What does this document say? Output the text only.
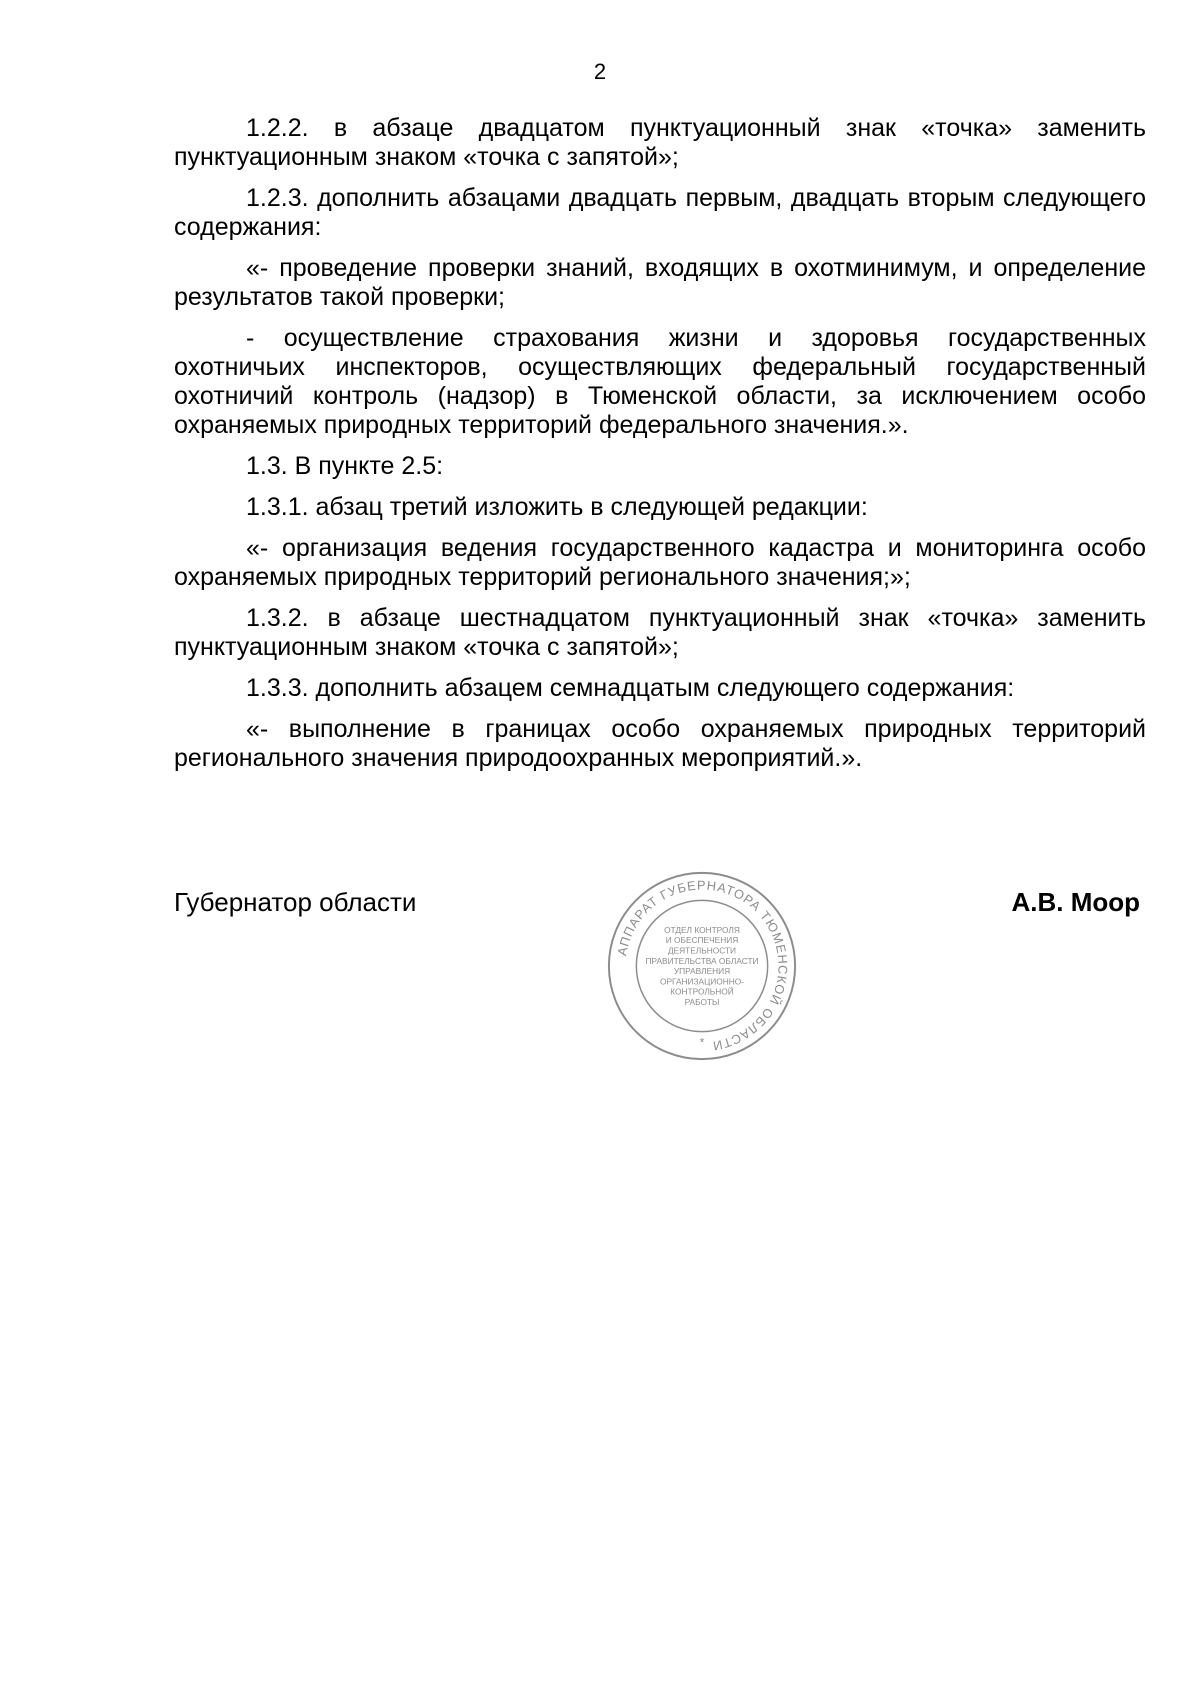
2

1.2.2. в абзаце двадцатом пунктуационный знак «точка» заменить пунктуационным знаком «точка с запятой»;

1.2.3. дополнить абзацами двадцать первым, двадцать вторым следующего содержания:

«- проведение проверки знаний, входящих в охотминимум, и определение результатов такой проверки;

- осуществление страхования жизни и здоровья государственных охотничьих инспекторов, осуществляющих федеральный государственный охотничий контроль (надзор) в Тюменской области, за исключением особо охраняемых природных территорий федерального значения.».

1.3. В пункте 2.5:

1.3.1. абзац третий изложить в следующей редакции:

«- организация ведения государственного кадастра и мониторинга особо охраняемых природных территорий регионального значения;»;

1.3.2. в абзаце шестнадцатом пунктуационный знак «точка» заменить пунктуационным знаком «точка с запятой»;

1.3.3. дополнить абзацем семнадцатым следующего содержания:

«- выполнение в границах особо охраняемых природных территорий регионального значения природоохранных мероприятий.».

Губернатор области	А.В. Моор
АППАРАТ ГУБЕРНАТОРА ТЮМЕНСКОЙ ОБЛАСТИ
ОТДЕЛ КОНТРОЛЯ
И ОБЕСПЕЧЕНИЯ
ДЕЯТЕЛЬНОСТИ
ПРАВИТЕЛЬСТВА ОБЛАСТИ
УПРАВЛЕНИЯ
ОРГАНИЗАЦИОННО-
КОНТРОЛЬНОЙ
РАБОТЫ
*
